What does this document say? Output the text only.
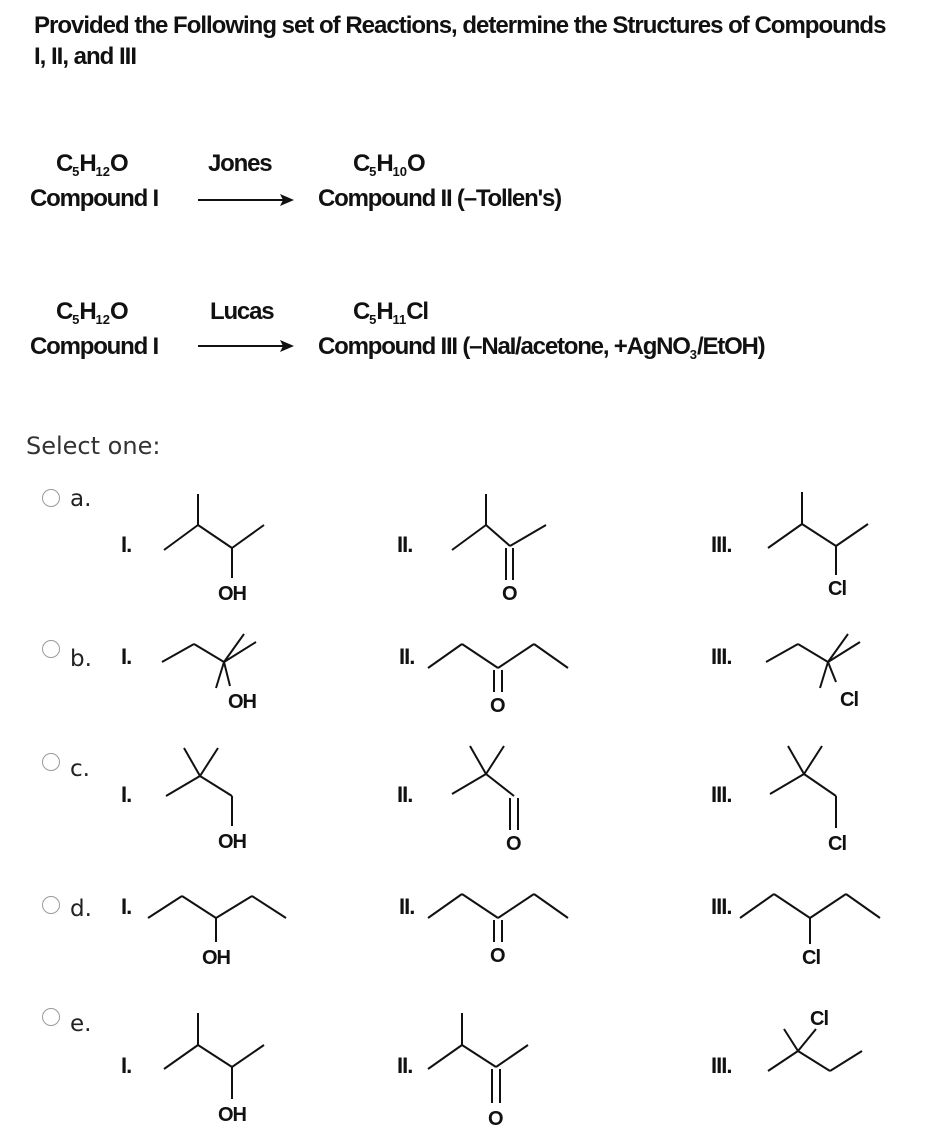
Provided the Following set of Reactions, determine the Structures of Compounds I, II, and III
$C_5H_{12}O$
Compound I
Jones	$C_5H_{10}O$
Compound II (–Tollen's)
$C_5H_{12}O$
Compound I
Lucas	$C_5H_{11}Cl$
Compound III (–NaI/acetone, +AgNO$_3$/EtOH)
Select one:
a.
I.
OH
II.
O
III.
Cl
b. I.
OH
II.
O
III.
Cl
c.
I.
OH
II.
O
III.
Cl
d. I.
OH
II.
O
III.
Cl
e.
I.
OH
II.
O
III.
Cl
